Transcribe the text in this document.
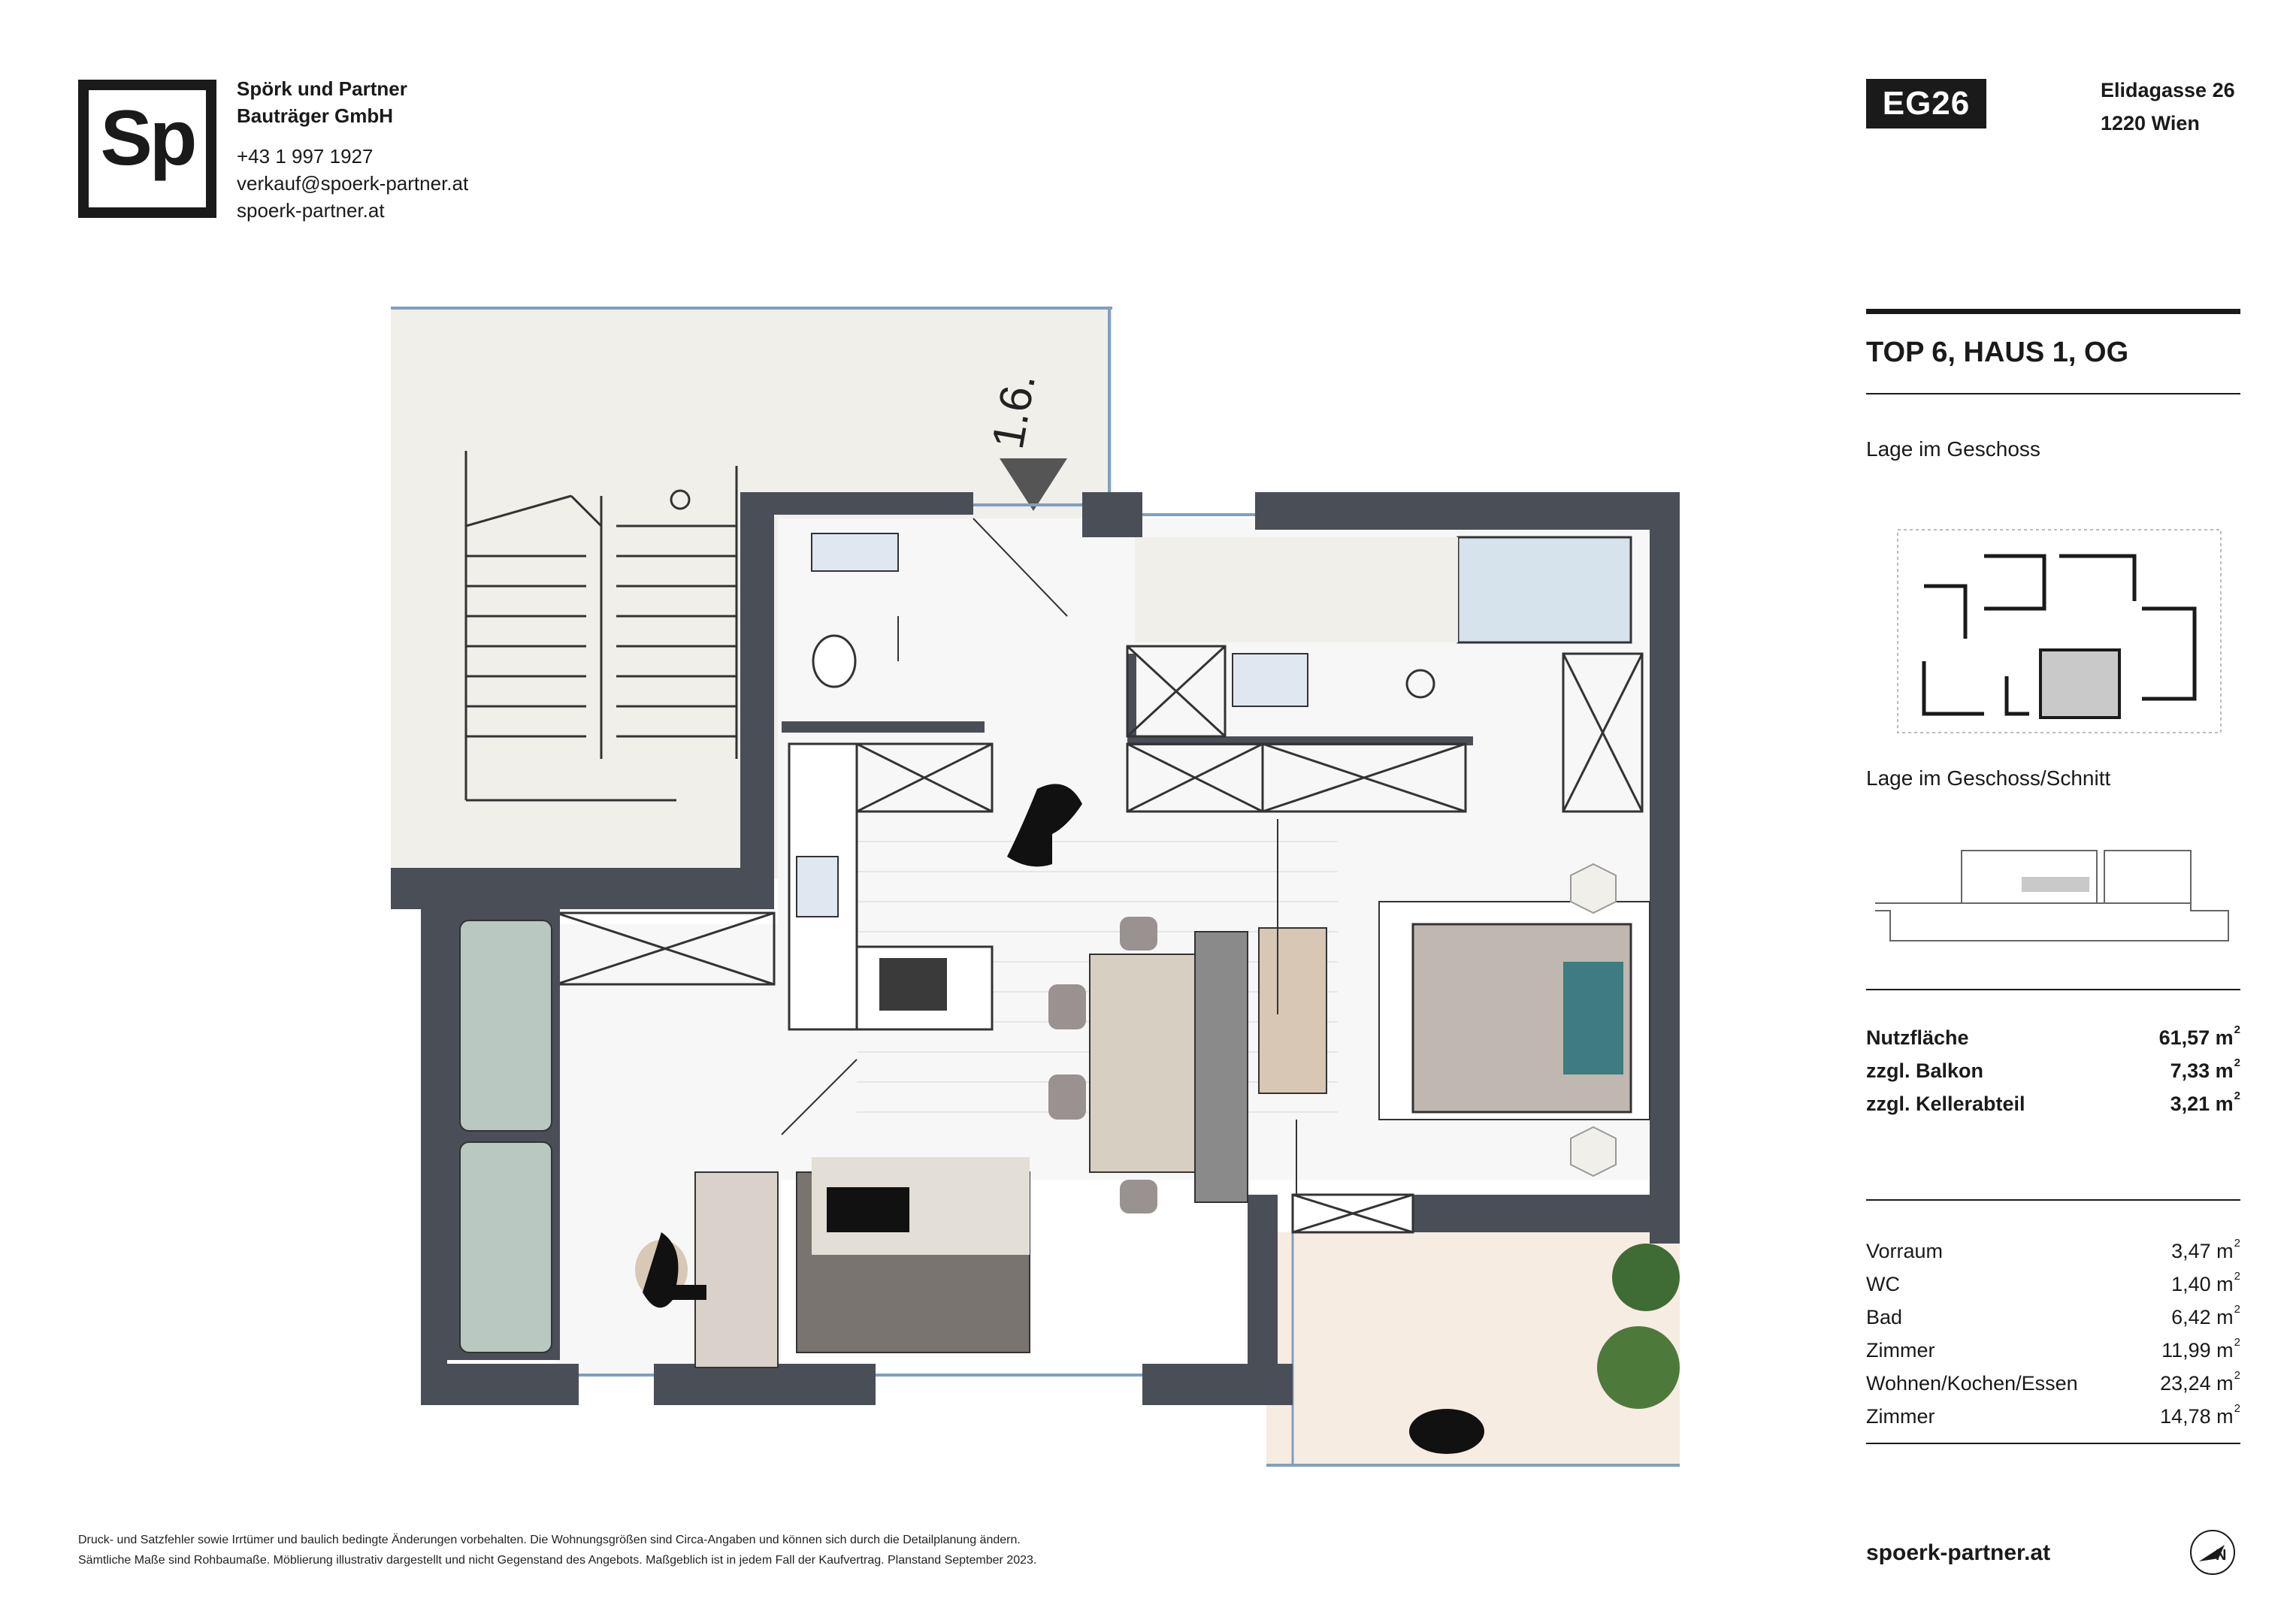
Sp
Spörk und Partner
Bauträger GmbH
+43 1 997 1927
verkauf@spoerk-partner.at
spoerk-partner.at
EG26	Elidagasse 26
1220 Wien
1.6.
TOP 6, HAUS 1, OG
Lage im Geschoss
Lage im Geschoss/Schnitt
Nutzfläche	61,57 $m^2$
zzgl. Balkon	7,33 $m^2$
zzgl. Kellerabteil	3,21 $m^2$
Vorraum	3,47 $m^2$
WC	1,40 $m^2$
Bad	6,42 $m^2$
Zimmer	11,99 $m^2$
Wohnen/Kochen/Essen	23,24 $m^2$
Zimmer	14,78 $m^2$
Druck- und Satzfehler sowie Irrtümer und baulich bedingte Änderungen vorbehalten. Die Wohnungsgrößen sind Circa-Angaben und können sich durch die Detailplanung ändern.
Sämtliche Maße sind Rohbaumaße. Möblierung illustrativ dargestellt und nicht Gegenstand des Angebots. Maßgeblich ist in jedem Fall der Kaufvertrag. Planstand September 2023.	spoerk-partner.at	N
